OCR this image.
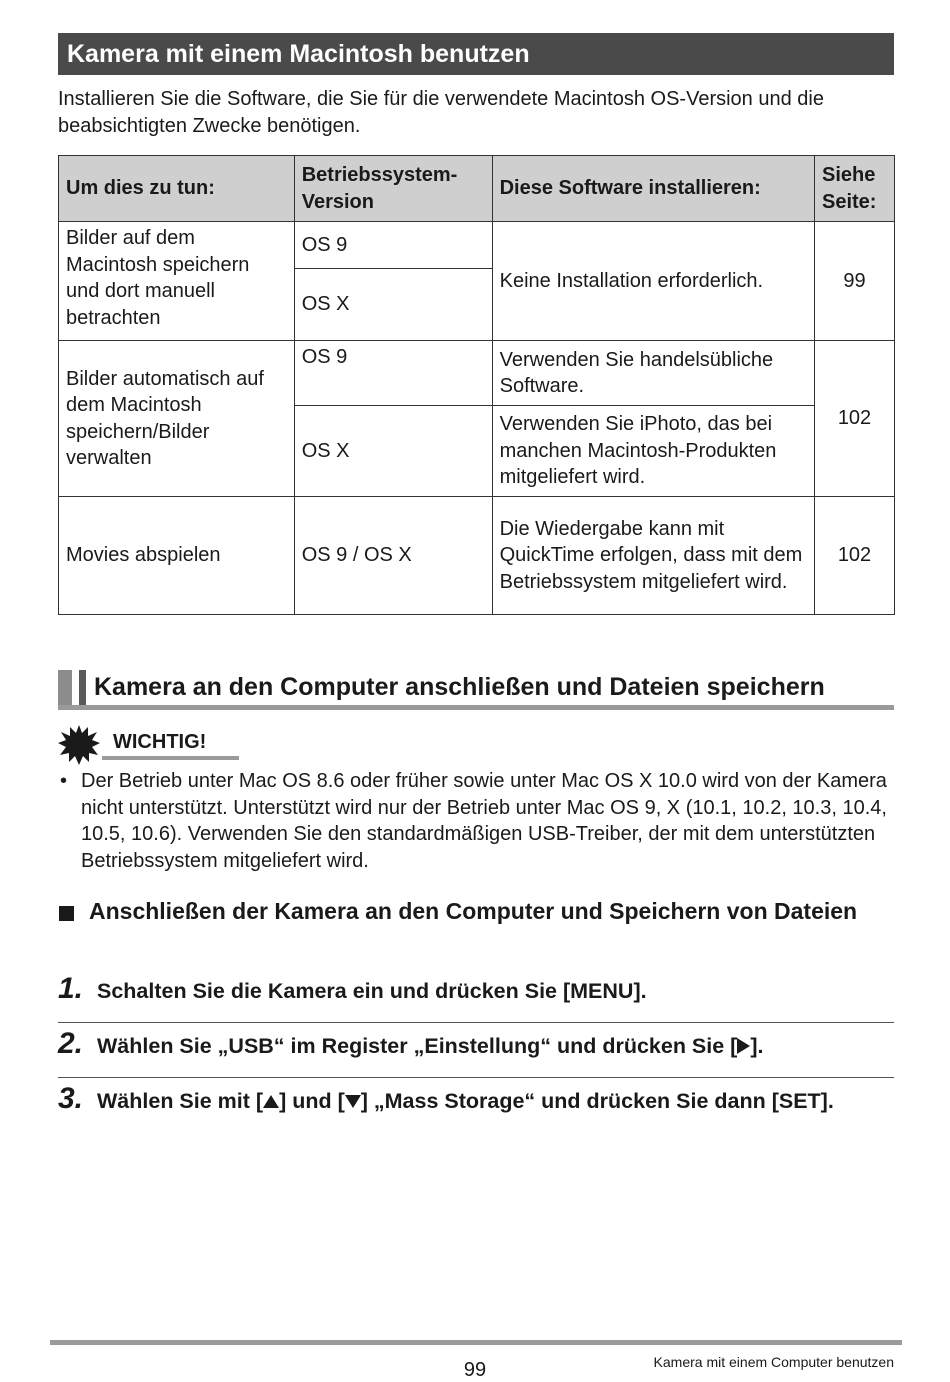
Kamera mit einem Macintosh benutzen
Installieren Sie die Software, die Sie für die verwendete Macintosh OS-Version und die beabsichtigten Zwecke benötigen.
Um dies zu tun:	Betriebssystem-Version	Diese Software installieren:	Siehe Seite:
Bilder auf dem Macintosh speichern und dort manuell betrachten	OS 9	Keine Installation erforderlich.	99
	OS X		
Bilder automatisch auf dem Macintosh speichern/Bilder verwalten	OS 9	Verwenden Sie handelsübliche Software.	102
	OS X	Verwenden Sie iPhoto, das bei manchen Macintosh-Produkten mitgeliefert wird.	
Movies abspielen	OS 9 / OS X	Die Wiedergabe kann mit QuickTime erfolgen, dass mit dem Betriebssystem mitgeliefert wird.	102
Kamera an den Computer anschließen und Dateien speichern
WICHTIG!
• Der Betrieb unter Mac OS 8.6 oder früher sowie unter Mac OS X 10.0 wird von der Kamera nicht unterstützt. Unterstützt wird nur der Betrieb unter Mac OS 9, X (10.1, 10.2, 10.3, 10.4, 10.5, 10.6). Verwenden Sie den standardmäßigen USB-Treiber, der mit dem unterstützten Betriebssystem mitgeliefert wird.
Anschließen der Kamera an den Computer und Speichern von Dateien
1. Schalten Sie die Kamera ein und drücken Sie [MENU].
2. Wählen Sie „USB“ im Register „Einstellung“ und drücken Sie [ ].
3. Wählen Sie mit [ ] und [ ] „Mass Storage“ und drücken Sie dann [SET].
99	Kamera mit einem Computer benutzen
